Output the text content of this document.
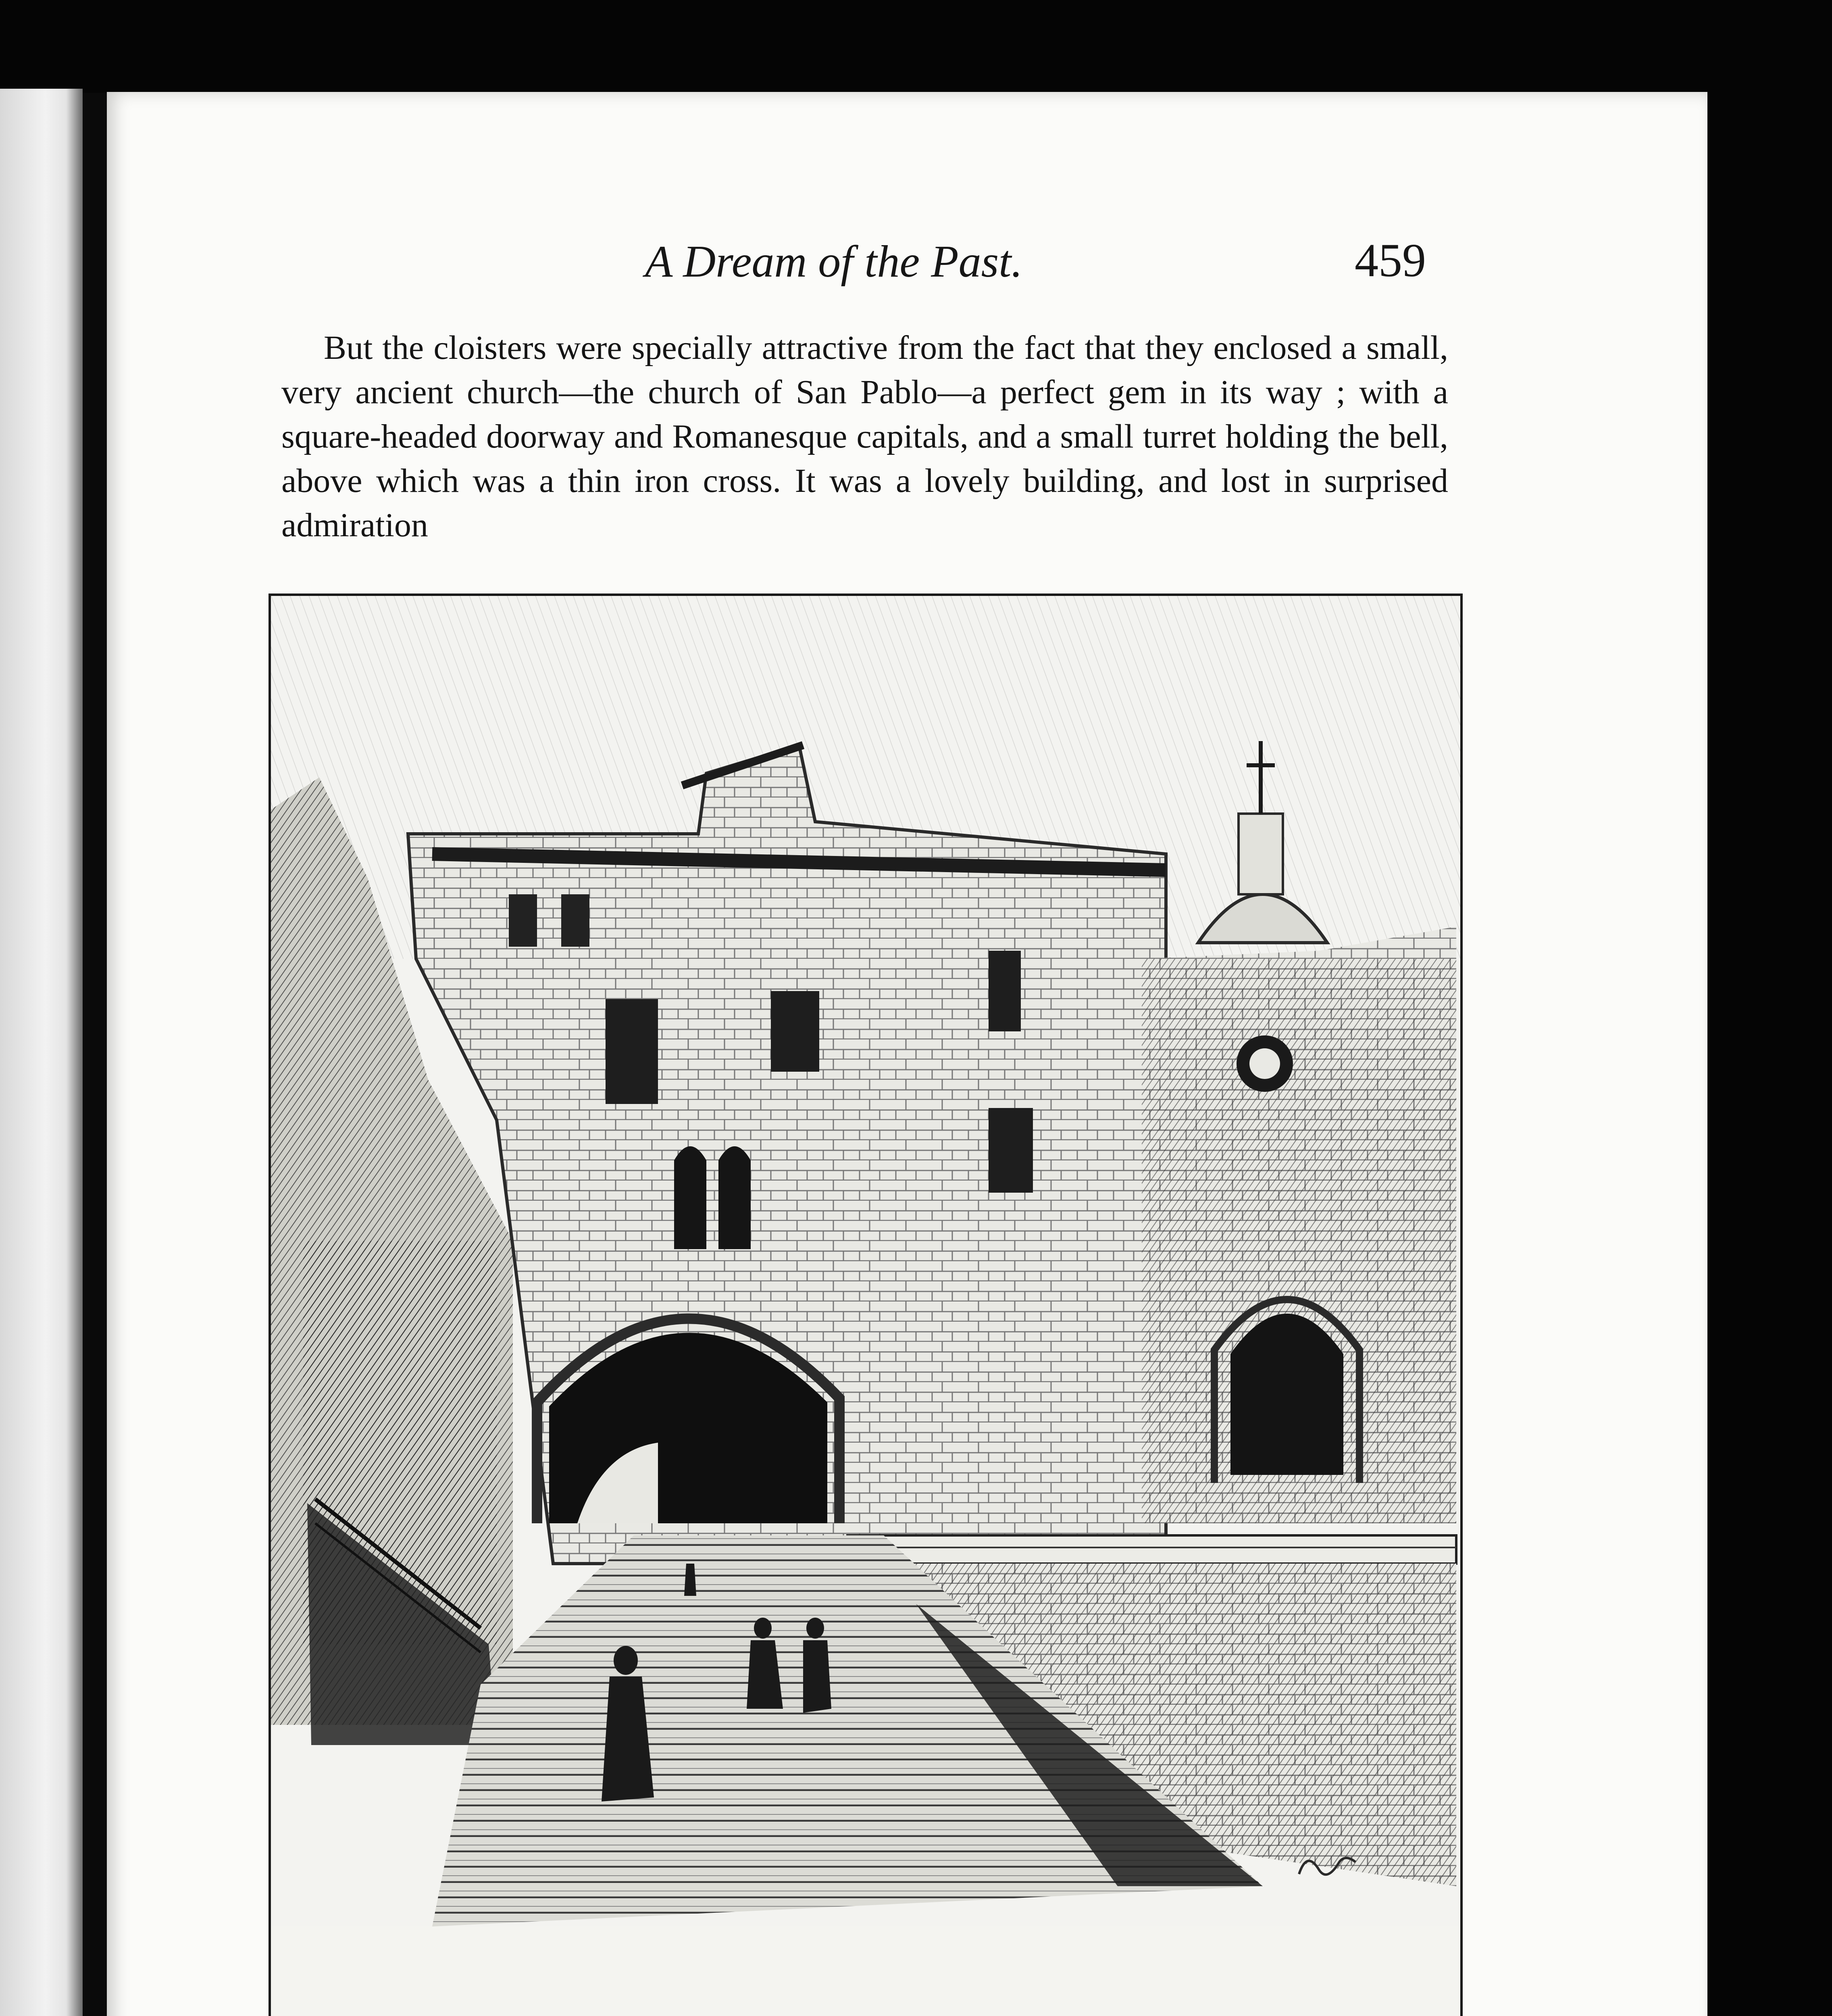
A Dream of the Past.	459

But the cloisters were specially attractive from the fact that they enclosed a small, very ancient church—the church of San Pablo—a perfect gem in its way ; with a square-headed doorway and Romanesque capitals, and a small turret holding the bell, above which was a thin iron cross. It was a lovely building, and lost in surprised admiration
